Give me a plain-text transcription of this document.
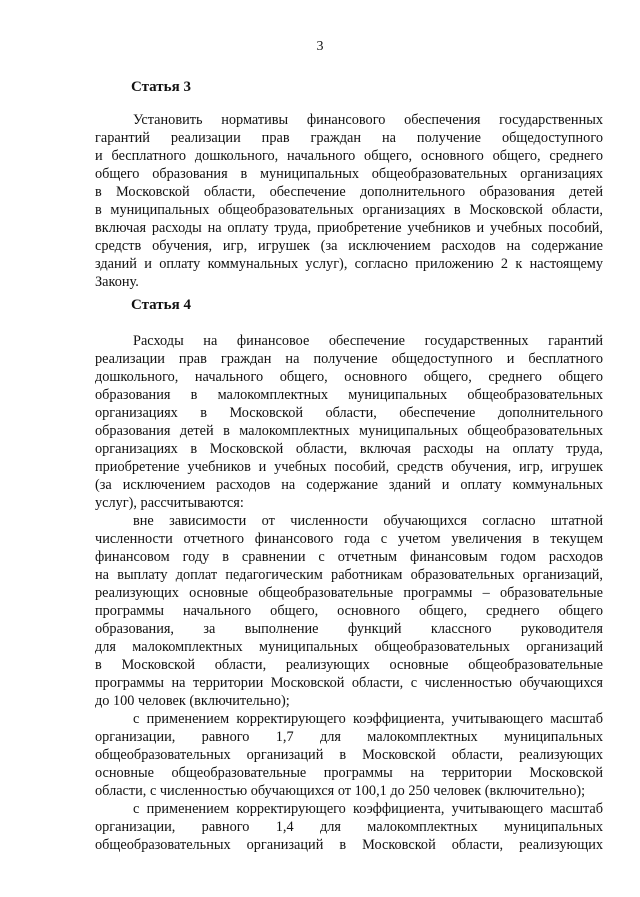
3
Статья 3
Установить нормативы финансового обеспечения государственных
гарантий реализации прав граждан на получение общедоступного
и бесплатного дошкольного, начального общего, основного общего, среднего
общего образования в муниципальных общеобразовательных организациях
в Московской области, обеспечение дополнительного образования детей
в муниципальных общеобразовательных организациях в Московской области,
включая расходы на оплату труда, приобретение учебников и учебных пособий,
средств обучения, игр, игрушек (за исключением расходов на содержание
зданий и оплату коммунальных услуг), согласно приложению 2 к настоящему
Закону.
Статья 4
Расходы на финансовое обеспечение государственных гарантий
реализации прав граждан на получение общедоступного и бесплатного
дошкольного, начального общего, основного общего, среднего общего
образования в малокомплектных муниципальных общеобразовательных
организациях в Московской области, обеспечение дополнительного
образования детей в малокомплектных муниципальных общеобразовательных
организациях в Московской области, включая расходы на оплату труда,
приобретение учебников и учебных пособий, средств обучения, игр, игрушек
(за исключением расходов на содержание зданий и оплату коммунальных
услуг), рассчитываются:
вне зависимости от численности обучающихся согласно штатной
численности отчетного финансового года с учетом увеличения в текущем
финансовом году в сравнении с отчетным финансовым годом расходов
на выплату доплат педагогическим работникам образовательных организаций,
реализующих основные общеобразовательные программы – образовательные
программы начального общего, основного общего, среднего общего
образования, за выполнение функций классного руководителя
для малокомплектных муниципальных общеобразовательных организаций
в Московской области, реализующих основные общеобразовательные
программы на территории Московской области, с численностью обучающихся
до 100 человек (включительно);
с применением корректирующего коэффициента, учитывающего масштаб
организации, равного 1,7 для малокомплектных муниципальных
общеобразовательных организаций в Московской области, реализующих
основные общеобразовательные программы на территории Московской
области, с численностью обучающихся от 100,1 до 250 человек (включительно);
с применением корректирующего коэффициента, учитывающего масштаб
организации, равного 1,4 для малокомплектных муниципальных
общеобразовательных организаций в Московской области, реализующих
